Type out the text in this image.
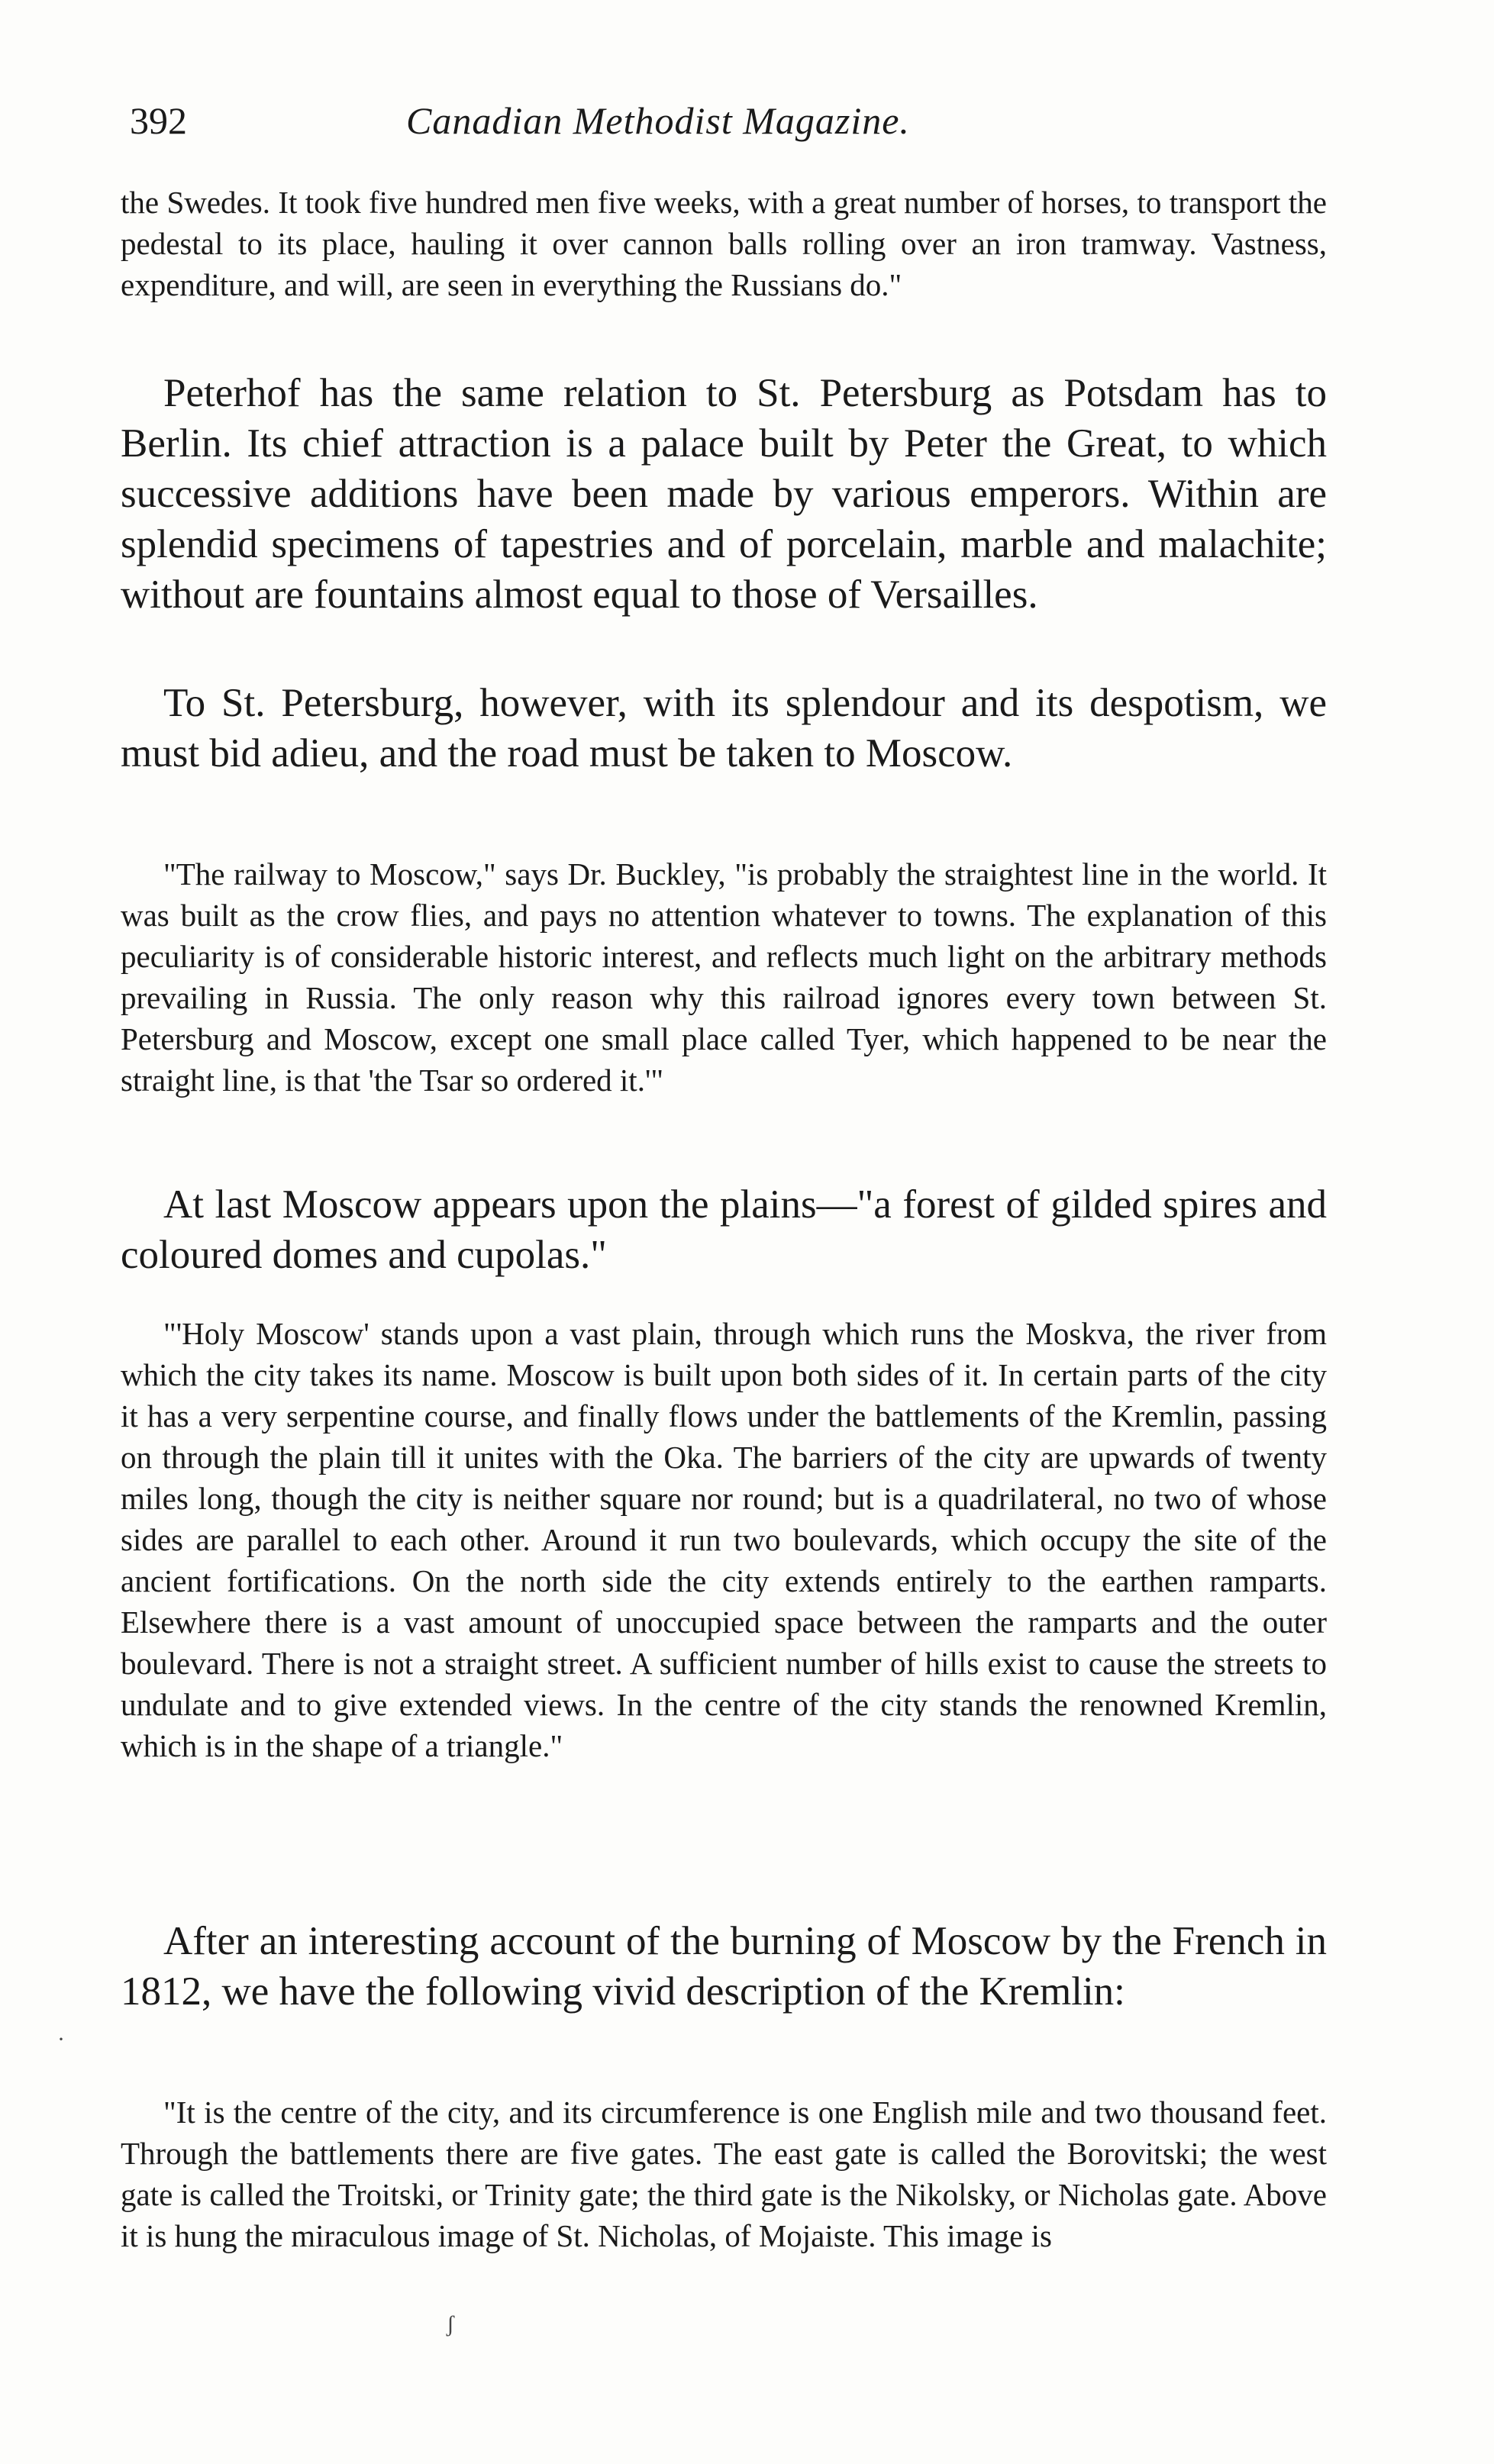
392	Canadian Methodist Magazine.

the Swedes. It took five hundred men five weeks, with a great number of horses, to transport the pedestal to its place, hauling it over cannon balls rolling over an iron tramway. Vastness, expenditure, and will, are seen in everything the Russians do."

Peterhof has the same relation to St. Petersburg as Potsdam has to Berlin. Its chief attraction is a palace built by Peter the Great, to which successive additions have been made by various emperors. Within are splendid specimens of tapestries and of porcelain, marble and malachite; without are fountains almost equal to those of Versailles.

To St. Petersburg, however, with its splendour and its despotism, we must bid adieu, and the road must be taken to Moscow.

"The railway to Moscow," says Dr. Buckley, "is probably the straightest line in the world. It was built as the crow flies, and pays no attention whatever to towns. The explanation of this peculiarity is of considerable historic interest, and reflects much light on the arbitrary methods prevailing in Russia. The only reason why this railroad ignores every town between St. Petersburg and Moscow, except one small place called Tyer, which happened to be near the straight line, is that 'the Tsar so ordered it.'"

At last Moscow appears upon the plains—"a forest of gilded spires and coloured domes and cupolas."

"'Holy Moscow' stands upon a vast plain, through which runs the Moskva, the river from which the city takes its name. Moscow is built upon both sides of it. In certain parts of the city it has a very serpentine course, and finally flows under the battlements of the Kremlin, passing on through the plain till it unites with the Oka. The barriers of the city are upwards of twenty miles long, though the city is neither square nor round; but is a quadrilateral, no two of whose sides are parallel to each other. Around it run two boulevards, which occupy the site of the ancient fortifications. On the north side the city extends entirely to the earthen ramparts. Elsewhere there is a vast amount of unoccupied space between the ramparts and the outer boulevard. There is not a straight street. A sufficient number of hills exist to cause the streets to undulate and to give extended views. In the centre of the city stands the renowned Kremlin, which is in the shape of a triangle."

After an interesting account of the burning of Moscow by the French in 1812, we have the following vivid description of the Kremlin:

"It is the centre of the city, and its circumference is one English mile and two thousand feet. Through the battlements there are five gates. The east gate is called the Borovitski; the west gate is called the Troitski, or Trinity gate; the third gate is the Nikolsky, or Nicholas gate. Above it is hung the miraculous image of St. Nicholas, of Mojaiste. This image is

ʃ
·
